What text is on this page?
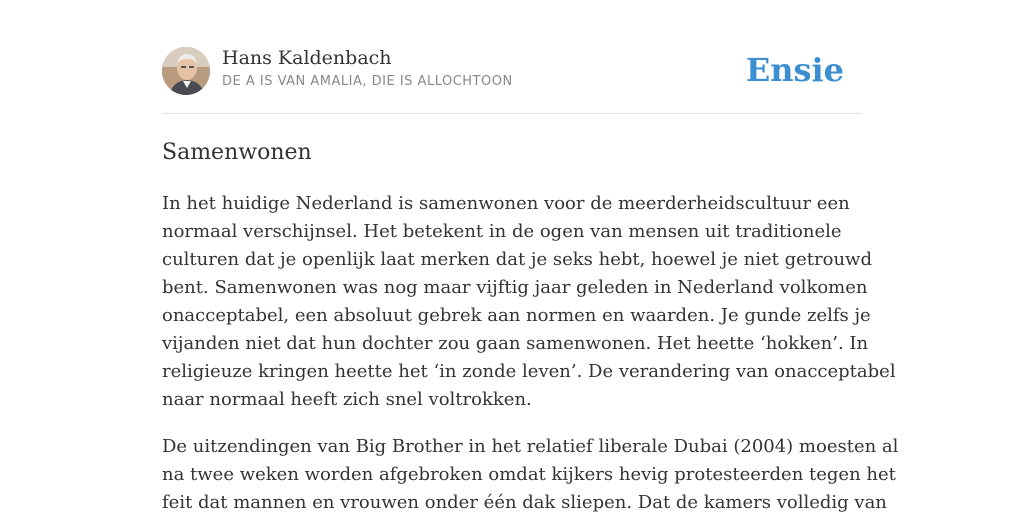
Hans Kaldenbach
DE A IS VAN AMALIA, DIE IS ALLOCHTOON	Ensie
Samenwonen

In het huidige Nederland is samenwonen voor de meerderheidscultuur een
normaal verschijnsel. Het betekent in de ogen van mensen uit traditionele
culturen dat je openlijk laat merken dat je seks hebt, hoewel je niet getrouwd
bent. Samenwonen was nog maar vijftig jaar geleden in Nederland volkomen
onacceptabel, een absoluut gebrek aan normen en waarden. Je gunde zelfs je
vijanden niet dat hun dochter zou gaan samenwonen. Het heette ‘hokken’. In
religieuze kringen heette het ‘in zonde leven’. De verandering van onacceptabel
naar normaal heeft zich snel voltrokken.

De uitzendingen van Big Brother in het relatief liberale Dubai (2004) moesten al
na twee weken worden afgebroken omdat kijkers hevig protesteerden tegen het
feit dat mannen en vrouwen onder één dak sliepen. Dat de kamers volledig van
